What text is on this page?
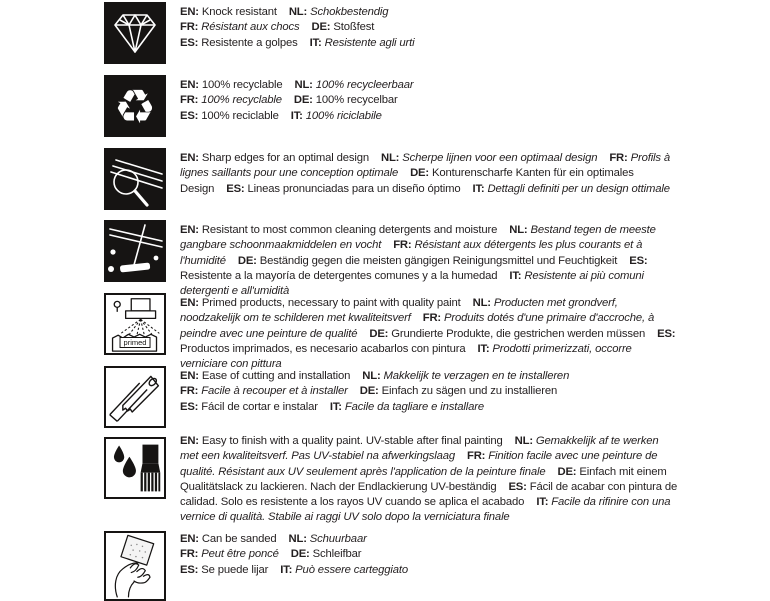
EN: Knock resistant NL: Schokbestendig
FR: Résistant aux chocs DE: Stoßfest
ES: Resistente a golpes IT: Resistente agli urti
♻ EN: 100% recyclable NL: 100% recycleerbaar
FR: 100% recyclable DE: 100% recycelbar
ES: 100% reciclable IT: 100% riciclabile
EN: Sharp edges for an optimal design NL: Scherpe lijnen voor een optimaal design FR: Profils à lignes saillants pour une conception optimale DE: Konturenscharfe Kanten für ein optimales Design ES: Lineas pronunciadas para un diseño óptimo IT: Dettagli definiti per un design ottimale
EN: Resistant to most common cleaning detergents and moisture NL: Bestand tegen de meeste gangbare schoonmaakmiddelen en vocht FR: Résistant aux détergents les plus courants et à l'humidité DE: Beständig gegen die meisten gängigen Reinigungsmittel und Feuchtigkeit ES: Resistente a la mayoría de detergentes comunes y a la humedad IT: Resistente ai più comuni detergenti e all'umidità
primed
EN: Primed products, necessary to paint with quality paint NL: Producten met grondverf, noodzakelijk om te schilderen met kwaliteitsverf FR: Produits dotés d'une primaire d'accroche, à peindre avec une peinture de qualité DE: Grundierte Produkte, die gestrichen werden müssen ES: Productos imprimados, es necesario acabarlos con pintura IT: Prodotti primerizzati, occorre verniciare con pittura
EN: Ease of cutting and installation NL: Makkelijk te verzagen en te installeren
FR: Facile à recouper et à installer DE: Einfach zu sägen und zu installieren
ES: Fácil de cortar e instalar IT: Facile da tagliare e installare
EN: Easy to finish with a quality paint. UV-stable after final painting NL: Gemakkelijk af te werken met een kwaliteitsverf. Pas UV-stabiel na afwerkingslaag FR: Finition facile avec une peinture de qualité. Résistant aux UV seulement après l'application de la peinture finale DE: Einfach mit einem Qualitätslack zu lackieren. Nach der Endlackierung UV-beständig ES: Fácil de acabar con pintura de calidad. Solo es resistente a los rayos UV cuando se aplica el acabado IT: Facile da rifinire con una vernice di qualità. Stabile ai raggi UV solo dopo la verniciatura finale
EN: Can be sanded NL: Schuurbaar
FR: Peut être poncé DE: Schleifbar
ES: Se puede lijar IT: Può essere carteggiato
